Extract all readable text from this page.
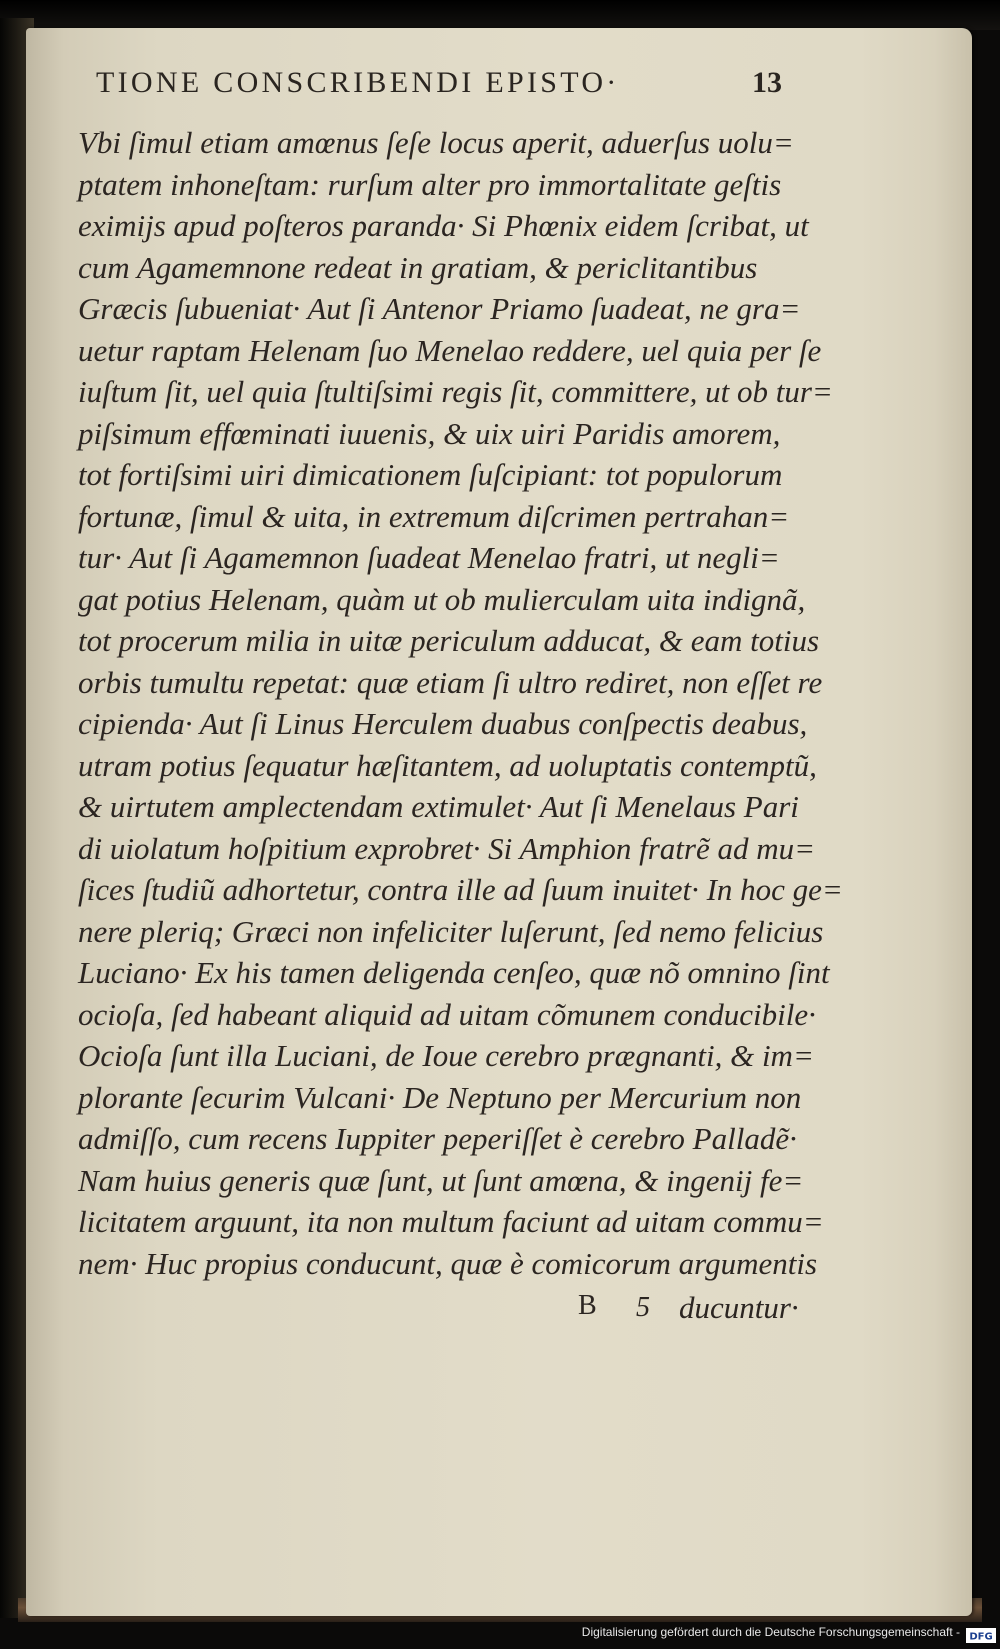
TIONE CONSCRIBENDI EPISTO·	13
Vbi ſimul etiam amœnus ſeſe locus aperit, aduerſus uolu=
ptatem inhoneſtam: rurſum alter pro immortalitate geſtis
eximijs apud poſteros paranda· Si Phœnix eidem ſcribat, ut
cum Agamemnone redeat in gratiam, & periclitantibus
Græcis ſubueniat· Aut ſi Antenor Priamo ſuadeat, ne gra=
uetur raptam Helenam ſuo Menelao reddere, uel quia per ſe
iuſtum ſit, uel quia ſtultiſsimi regis ſit, committere, ut ob tur=
piſsimum effœminati iuuenis, & uix uiri Paridis amorem,
tot fortiſsimi uiri dimicationem ſuſcipiant: tot populorum
fortunæ, ſimul & uita, in extremum diſcrimen pertrahan=
tur· Aut ſi Agamemnon ſuadeat Menelao fratri, ut negli=
gat potius Helenam, quàm ut ob mulierculam uita indignã,
tot procerum milia in uitæ periculum adducat, & eam totius
orbis tumultu repetat: quæ etiam ſi ultro rediret, non eſſet re
cipienda· Aut ſi Linus Herculem duabus conſpectis deabus,
utram potius ſequatur hæſitantem, ad uoluptatis contemptũ,
& uirtutem amplectendam extimulet· Aut ſi Menelaus Pari
di uiolatum hoſpitium exprobret· Si Amphion fratrẽ ad mu=
ſices ſtudiũ adhortetur, contra ille ad ſuum inuitet· In hoc ge=
nere pleriq; Græci non infeliciter luſerunt, ſed nemo felicius
Luciano· Ex his tamen deligenda cenſeo, quæ nõ omnino ſint
ocioſa, ſed habeant aliquid ad uitam cõmunem conducibile·
Ocioſa ſunt illa Luciani, de Ioue cerebro prægnanti, & im=
plorante ſecurim Vulcani· De Neptuno per Mercurium non
admiſſo, cum recens Iuppiter peperiſſet è cerebro Palladẽ·
Nam huius generis quæ ſunt, ut ſunt amœna, & ingenij fe=
licitatem arguunt, ita non multum faciunt ad uitam commu=
nem· Huc propius conducunt, quæ è comicorum argumentis
B	5 ducuntur·
Digitalisierung gefördert durch die Deutsche Forschungsgemeinschaft - DFG
